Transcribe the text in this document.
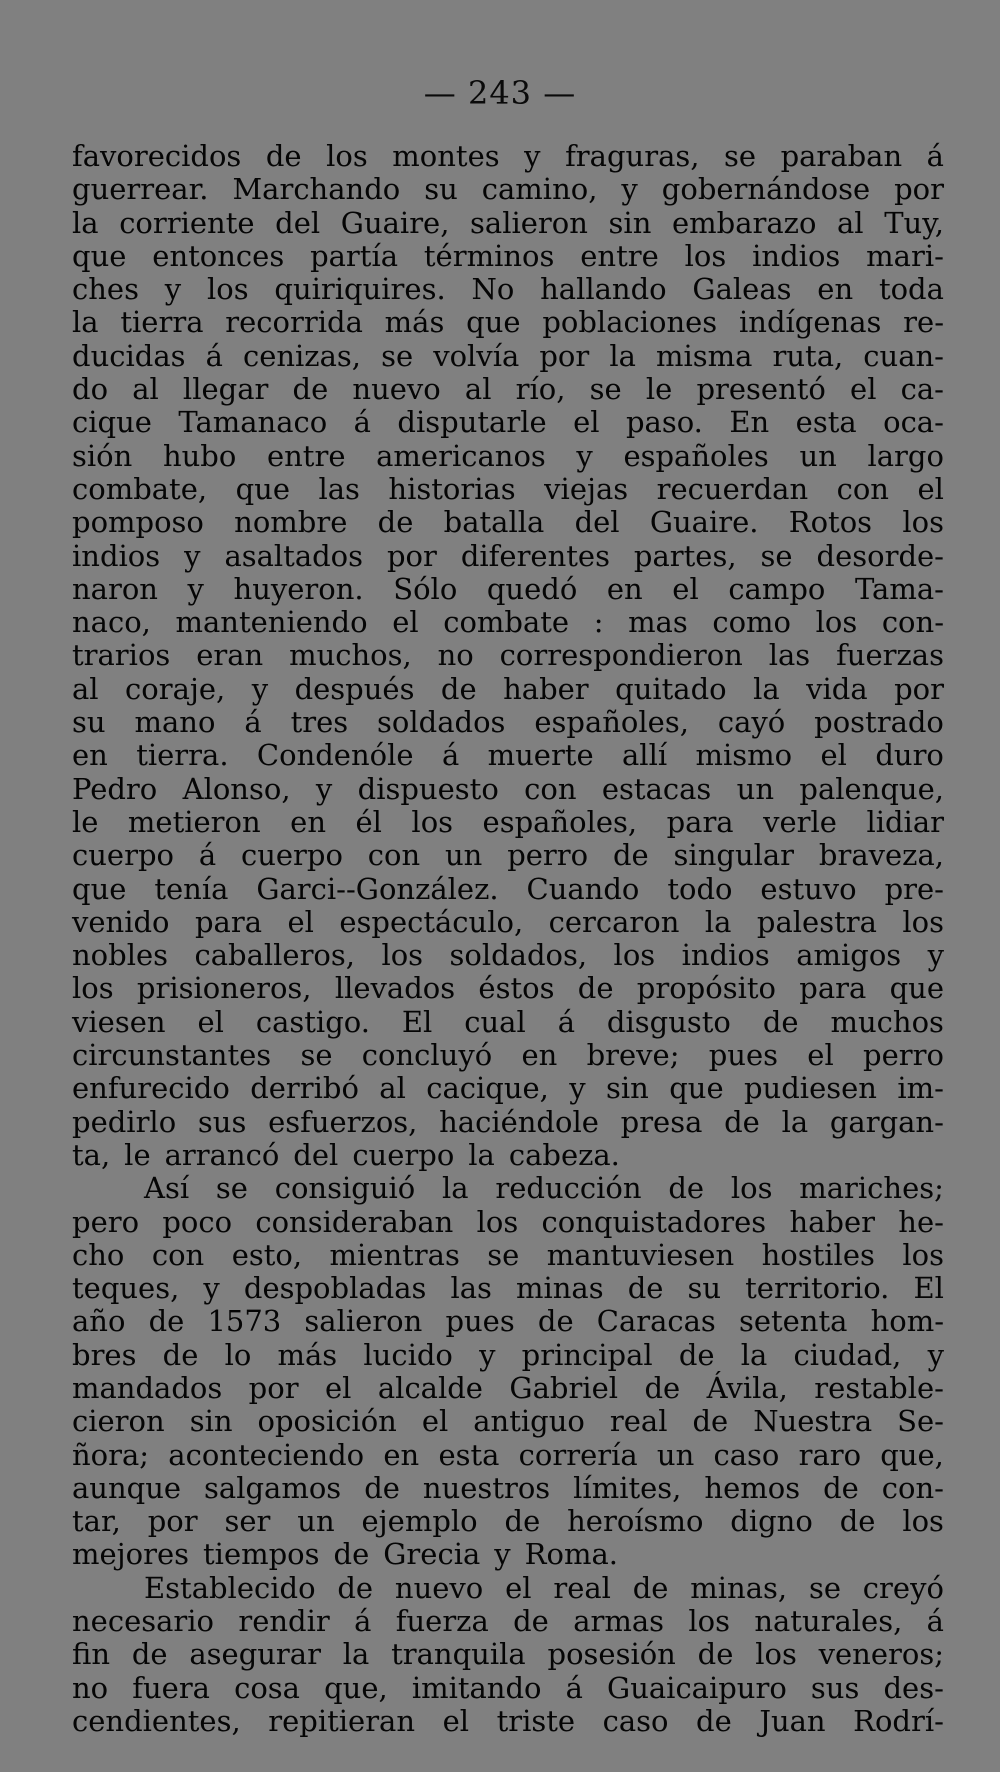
— 243 —
favorecidos de los montes y fraguras, se paraban á
guerrear. Marchando su camino, y gobernándose por
la corriente del Guaire, salieron sin embarazo al Tuy,
que entonces partía términos entre los indios mari-
ches y los quiriquires. No hallando Galeas en toda
la tierra recorrida más que poblaciones indígenas re-
ducidas á cenizas, se volvía por la misma ruta, cuan-
do al llegar de nuevo al río, se le presentó el ca-
cique Tamanaco á disputarle el paso. En esta oca-
sión hubo entre americanos y españoles un largo
combate, que las historias viejas recuerdan con el
pomposo nombre de batalla del Guaire. Rotos los
indios y asaltados por diferentes partes, se desorde-
naron y huyeron. Sólo quedó en el campo Tama-
naco, manteniendo el combate : mas como los con-
trarios eran muchos, no correspondieron las fuerzas
al coraje, y después de haber quitado la vida por
su mano á tres soldados españoles, cayó postrado
en tierra. Condenóle á muerte allí mismo el duro
Pedro Alonso, y dispuesto con estacas un palenque,
le metieron en él los españoles, para verle lidiar
cuerpo á cuerpo con un perro de singular braveza,
que tenía Garci--González. Cuando todo estuvo pre-
venido para el espectáculo, cercaron la palestra los
nobles caballeros, los soldados, los indios amigos y
los prisioneros, llevados éstos de propósito para que
viesen el castigo. El cual á disgusto de muchos
circunstantes se concluyó en breve; pues el perro
enfurecido derribó al cacique, y sin que pudiesen im-
pedirlo sus esfuerzos, haciéndole presa de la gargan-
ta, le arrancó del cuerpo la cabeza.
Así se consiguió la reducción de los mariches;
pero poco consideraban los conquistadores haber he-
cho con esto, mientras se mantuviesen hostiles los
teques, y despobladas las minas de su territorio. El
año de 1573 salieron pues de Caracas setenta hom-
bres de lo más lucido y principal de la ciudad, y
mandados por el alcalde Gabriel de Ávila, restable-
cieron sin oposición el antiguo real de Nuestra Se-
ñora; aconteciendo en esta correría un caso raro que,
aunque salgamos de nuestros límites, hemos de con-
tar, por ser un ejemplo de heroísmo digno de los
mejores tiempos de Grecia y Roma.
Establecido de nuevo el real de minas, se creyó
necesario rendir á fuerza de armas los naturales, á
fin de asegurar la tranquila posesión de los veneros;
no fuera cosa que, imitando á Guaicaipuro sus des-
cendientes, repitieran el triste caso de Juan Rodrí-
